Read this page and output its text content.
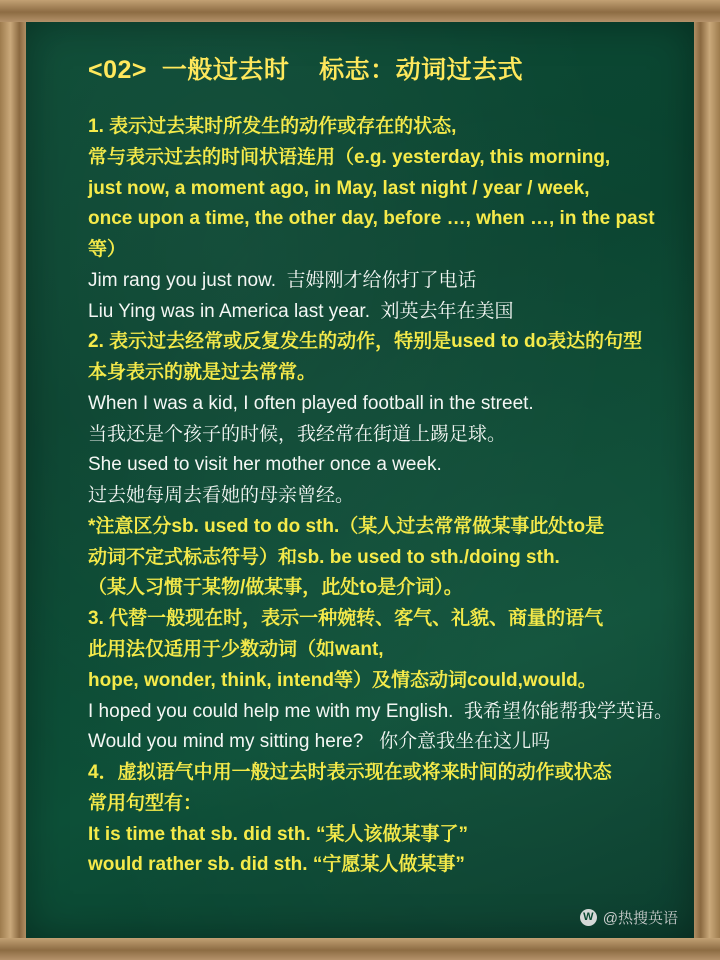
<02>  一般过去时    标志：动词过去式

1. 表示过去某时所发生的动作或存在的状态,

常与表示过去的时间状语连用（e.g. yesterday, this morning,

just now, a moment ago, in May, last night / year / week,

once upon a time, the other day, before …, when …, in the past等）

Jim rang you just now.  吉姆刚才给你打了电话

Liu Ying was in America last year.  刘英去年在美国

2. 表示过去经常或反复发生的动作，特别是used to do表达的句型

本身表示的就是过去常常。

When I was a kid, I often played football in the street.

当我还是个孩子的时候，我经常在街道上踢足球。

She used to visit her mother once a week.

过去她每周去看她的母亲曾经。

*注意区分sb. used to do sth.（某人过去常常做某事此处to是

动词不定式标志符号）和sb. be used to sth./doing sth.

（某人习惯于某物/做某事，此处to是介词）。

3. 代替一般现在时，表示一种婉转、客气、礼貌、商量的语气

此用法仅适用于少数动词（如want,

hope, wonder, think, intend等）及情态动词could,would。

I hoped you could help me with my English.  我希望你能帮我学英语。

Would you mind my sitting here?   你介意我坐在这儿吗

4．虚拟语气中用一般过去时表示现在或将来时间的动作或状态

常用句型有：

It is time that sb. did sth. “某人该做某事了”

would rather sb. did sth. “宁愿某人做某事”

W @热搜英语
